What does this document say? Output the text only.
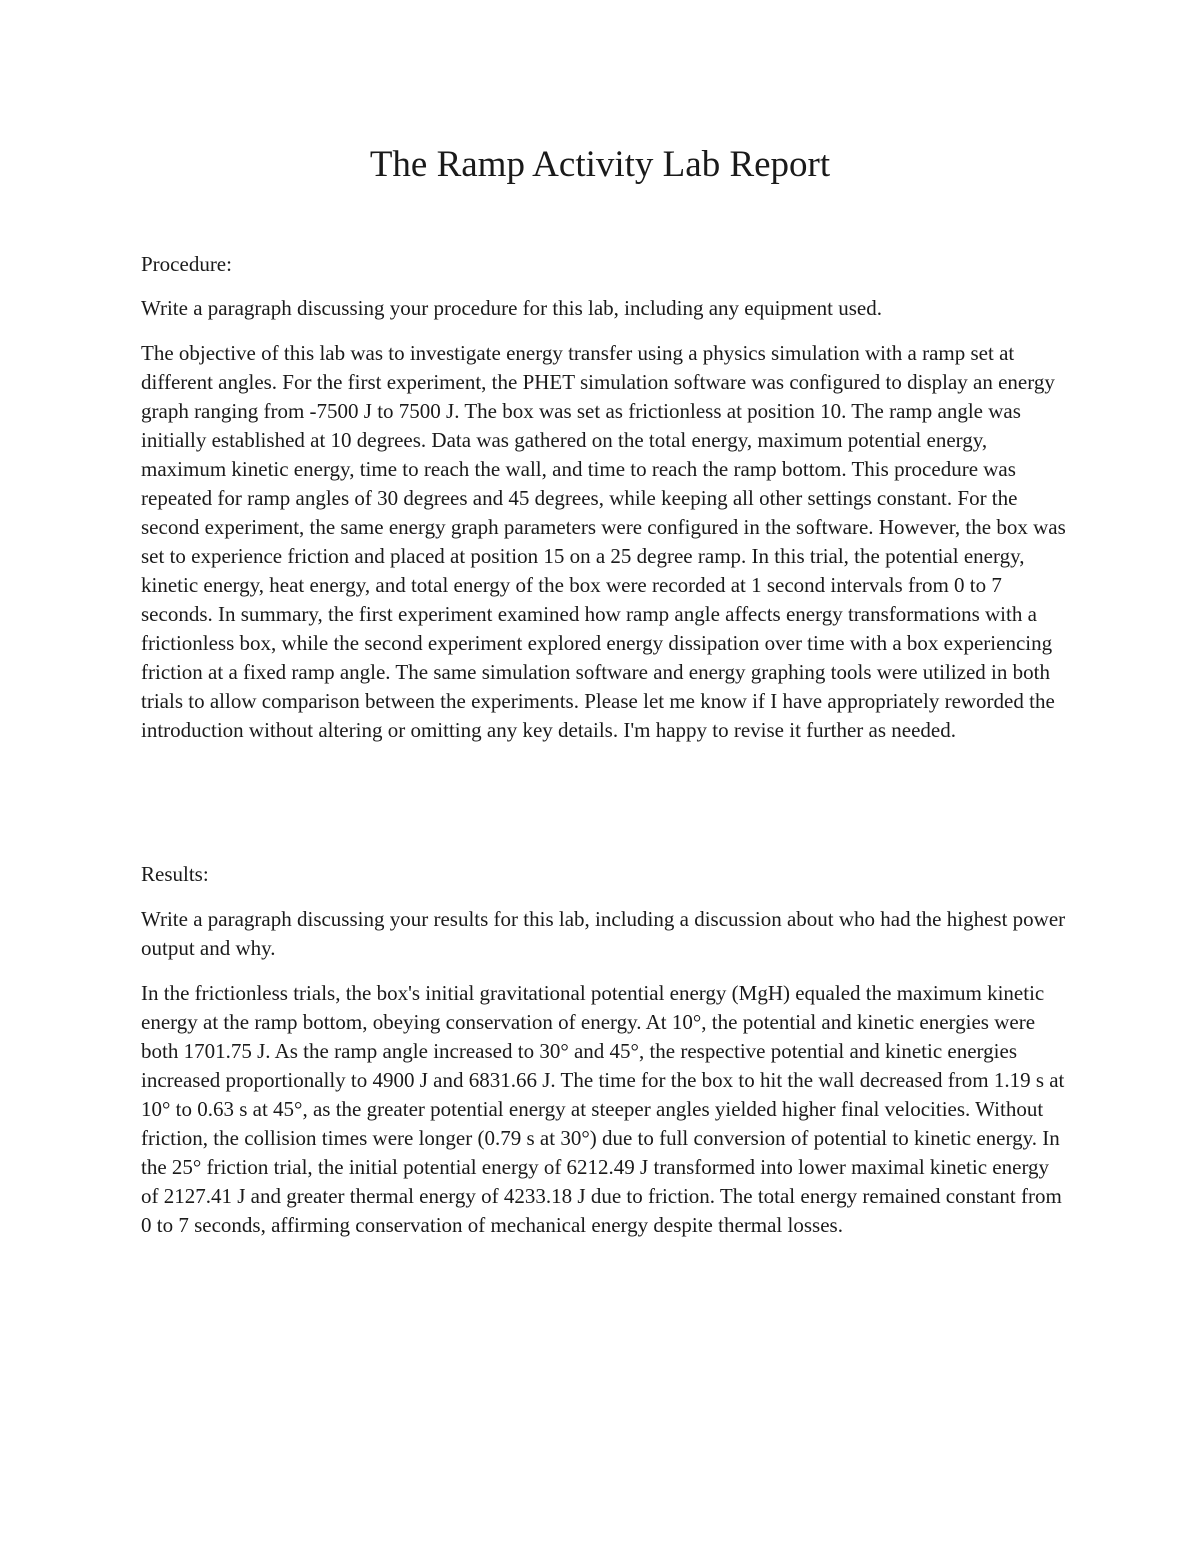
The Ramp Activity Lab Report

Procedure:

Write a paragraph discussing your procedure for this lab, including any equipment used.

The objective of this lab was to investigate energy transfer using a physics simulation with a ramp set at different angles. For the first experiment, the PHET simulation software was configured to display an energy graph ranging from -7500 J to 7500 J. The box was set as frictionless at position 10. The ramp angle was initially established at 10 degrees. Data was gathered on the total energy, maximum potential energy, maximum kinetic energy, time to reach the wall, and time to reach the ramp bottom. This procedure was repeated for ramp angles of 30 degrees and 45 degrees, while keeping all other settings constant. For the second experiment, the same energy graph parameters were configured in the software. However, the box was set to experience friction and placed at position 15 on a 25 degree ramp. In this trial, the potential energy, kinetic energy, heat energy, and total energy of the box were recorded at 1 second intervals from 0 to 7 seconds. In summary, the first experiment examined how ramp angle affects energy transformations with a frictionless box, while the second experiment explored energy dissipation over time with a box experiencing friction at a fixed ramp angle. The same simulation software and energy graphing tools were utilized in both trials to allow comparison between the experiments. Please let me know if I have appropriately reworded the introduction without altering or omitting any key details. I'm happy to revise it further as needed.

Results:

Write a paragraph discussing your results for this lab, including a discussion about who had the highest power output and why.

In the frictionless trials, the box's initial gravitational potential energy (MgH) equaled the maximum kinetic energy at the ramp bottom, obeying conservation of energy. At 10°, the potential and kinetic energies were both 1701.75 J. As the ramp angle increased to 30° and 45°, the respective potential and kinetic energies increased proportionally to 4900 J and 6831.66 J. The time for the box to hit the wall decreased from 1.19 s at 10° to 0.63 s at 45°, as the greater potential energy at steeper angles yielded higher final velocities. Without friction, the collision times were longer (0.79 s at 30°) due to full conversion of potential to kinetic energy. In the 25° friction trial, the initial potential energy of 6212.49 J transformed into lower maximal kinetic energy of 2127.41 J and greater thermal energy of 4233.18 J due to friction. The total energy remained constant from 0 to 7 seconds, affirming conservation of mechanical energy despite thermal losses.
